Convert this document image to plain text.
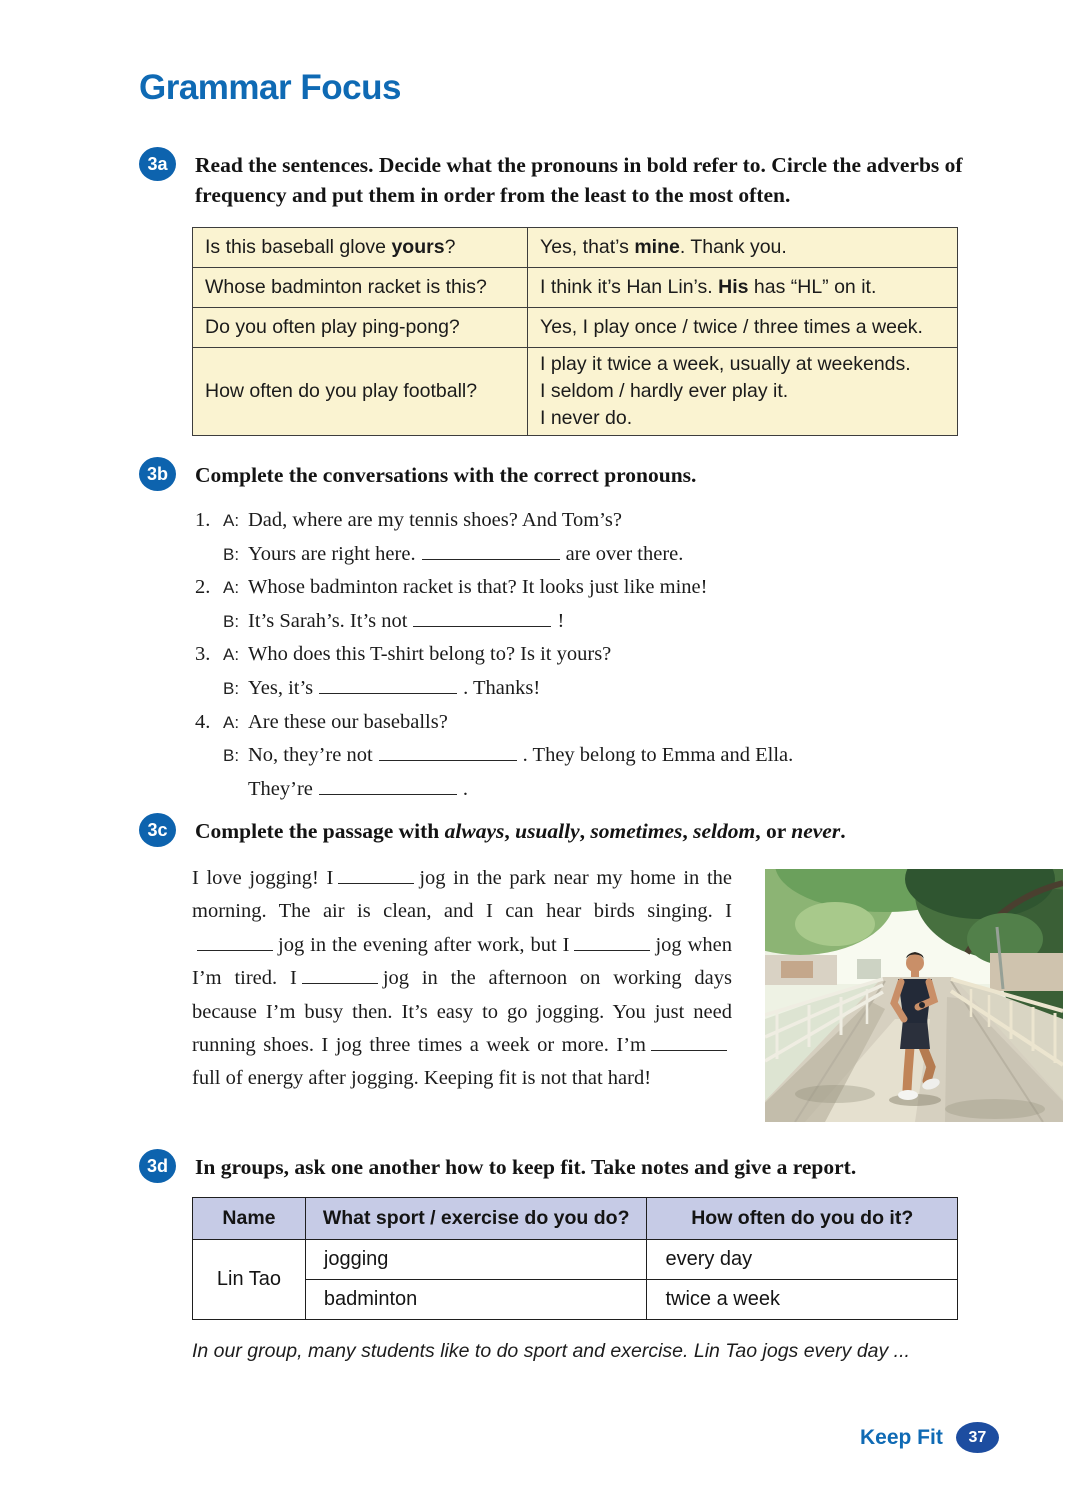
Grammar Focus
3a	Read the sentences. Decide what the pronouns in bold refer to. Circle the adverbs of frequency and put them in order from the least to the most often.
Is this baseball glove yours?	Yes, that’s mine. Thank you.
Whose badminton racket is this?	I think it’s Han Lin’s. His has “HL” on it.
Do you often play ping-pong?	Yes, I play once / twice / three times a week.
How often do you play football?	I play it twice a week, usually at weekends.
I seldom / hardly ever play it.
I never do.
3b	Complete the conversations with the correct pronouns.
1. A: Dad, where are my tennis shoes? And Tom’s?
B: Yours are right here.	are over there.
2. A: Whose badminton racket is that? It looks just like mine!
B: It’s Sarah’s. It’s not	!
3. A: Who does this T-shirt belong to? Is it yours?
B: Yes, it’s	. Thanks!
4. A: Are these our baseballs?
B: No, they’re not	. They belong to Emma and Ella.
They’re	.
3c	Complete the passage with always, usually, sometimes, seldom, or never.
I love jogging! I	jog in the park near my home in the morning. The air is clean, and I can hear birds singing. Ijog in the evening after work, but I	jog when I’m tired. I	jog in the afternoon on working days because I’m busy then. It’s easy to go jogging. You just need running shoes. I jog three times a week or more. I’mfull of energy after jogging. Keeping fit is not that hard!
3d	In groups, ask one another how to keep fit. Take notes and give a report.
Name	What sport / exercise do you do?	How often do you do it?
Lin Tao	jogging	every day
	badminton	twice a week
In our group, many students like to do sport and exercise. Lin Tao jogs every day ...
Keep Fit	37
